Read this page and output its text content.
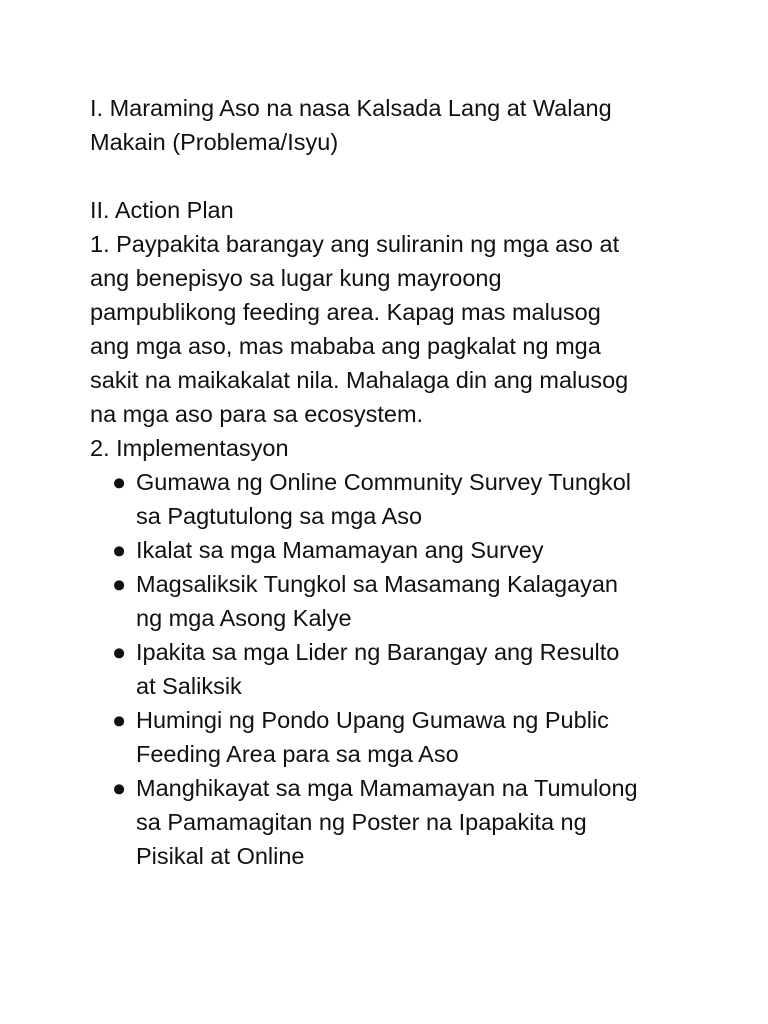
I. Maraming Aso na nasa Kalsada Lang at Walang
Makain (Problema/Isyu)
II. Action Plan
1. Paypakita barangay ang suliranin ng mga aso at
ang benepisyo sa lugar kung mayroong
pampublikong feeding area. Kapag mas malusog
ang mga aso, mas mababa ang pagkalat ng mga
sakit na maikakalat nila. Mahalaga din ang malusog
na mga aso para sa ecosystem.
2. Implementasyon
● Gumawa ng Online Community Survey Tungkol
sa Pagtutulong sa mga Aso
● Ikalat sa mga Mamamayan ang Survey
● Magsaliksik Tungkol sa Masamang Kalagayan
ng mga Asong Kalye
● Ipakita sa mga Lider ng Barangay ang Resulto
at Saliksik
● Humingi ng Pondo Upang Gumawa ng Public
Feeding Area para sa mga Aso
● Manghikayat sa mga Mamamayan na Tumulong
sa Pamamagitan ng Poster na Ipapakita ng
Pisikal at Online
